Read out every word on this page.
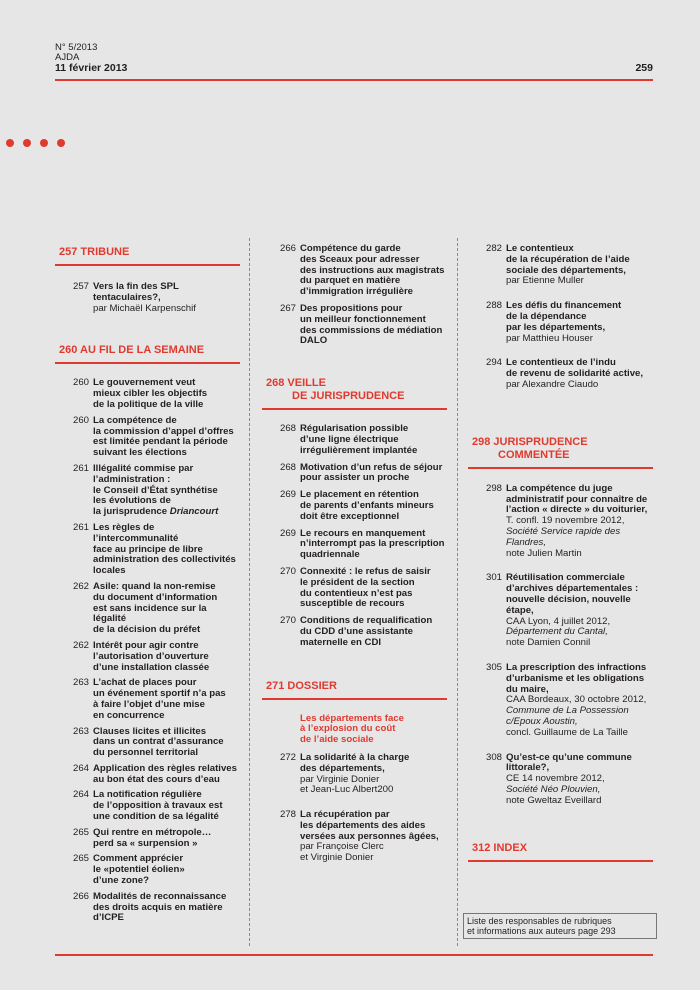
N° 5/2013
AJDA
11 février 2013	259
257 TRIBUNE
257 Vers la fin des SPL
tentaculaires?,
par Michaël Karpenschif
260 AU FIL DE LA SEMAINE
260 Le gouvernement veut
mieux cibler les objectifs
de la politique de la ville
260 La compétence de
la commission d’appel d’offres
est limitée pendant la période
suivant les élections
261 Illégalité commise par
l’administration :
le Conseil d’État synthétise
les évolutions de
la jurisprudence Driancourt
261 Les règles de l’intercommunalité
face au principe de libre
administration des collectivités
locales
262 Asile: quand la non-remise
du document d’information
est sans incidence sur la légalité
de la décision du préfet
262 Intérêt pour agir contre
l’autorisation d’ouverture
d’une installation classée
263 L’achat de places pour
un événement sportif n’a pas
à faire l’objet d’une mise
en concurrence
263 Clauses licites et illicites
dans un contrat d’assurance
du personnel territorial
264 Application des règles relatives
au bon état des cours d’eau
264 La notification régulière
de l’opposition à travaux est
une condition de sa légalité
265 Qui rentre en métropole…
perd sa « surpension »
265 Comment apprécier
le «potentiel éolien»
d’une zone?
266 Modalités de reconnaissance
des droits acquis en matière
d’ICPE
266 Compétence du garde
des Sceaux pour adresser
des instructions aux magistrats
du parquet en matière
d’immigration irrégulière
267 Des propositions pour
un meilleur fonctionnement
des commissions de médiation
DALO
268 VEILLE
DE JURISPRUDENCE
268 Régularisation possible
d’une ligne électrique
irrégulièrement implantée
268 Motivation d’un refus de séjour
pour assister un proche
269 Le placement en rétention
de parents d’enfants mineurs
doit être exceptionnel
269 Le recours en manquement
n’interrompt pas la prescription
quadriennale
270 Connexité : le refus de saisir
le président de la section
du contentieux n’est pas
susceptible de recours
270 Conditions de requalification
du CDD d’une assistante
maternelle en CDI
271 DOSSIER
Les départements face
à l’explosion du coût
de l’aide sociale
272 La solidarité à la charge
des départements,
par Virginie Donier
et Jean-Luc Albert200
278 La récupération par
les départements des aides
versées aux personnes âgées,
par Françoise Clerc
et Virginie Donier
282 Le contentieux
de la récupération de l’aide
sociale des départements,
par Etienne Muller
288 Les défis du financement
de la dépendance
par les départements,
par Matthieu Houser
294 Le contentieux de l’indu
de revenu de solidarité active,
par Alexandre Ciaudo
298 JURISPRUDENCE
COMMENTÉE
298 La compétence du juge
administratif pour connaître de
l’action « directe » du voiturier,
T. confl. 19 novembre 2012,
Société Service rapide des Flandres,
note Julien Martin
301 Réutilisation commerciale
d’archives départementales :
nouvelle décision, nouvelle
étape,
CAA Lyon, 4 juillet 2012,
Département du Cantal,
note Damien Connil
305 La prescription des infractions
d’urbanisme et les obligations
du maire,
CAA Bordeaux, 30 octobre 2012,
Commune de La Possession
c/Epoux Aoustin,
concl. Guillaume de La Taille
308 Qu’est-ce qu’une commune
littorale?,
CE 14 novembre 2012,
Société Néo Plouvien,
note Gweltaz Eveillard
312 INDEX
Liste des responsables de rubriques
et informations aux auteurs page 293
